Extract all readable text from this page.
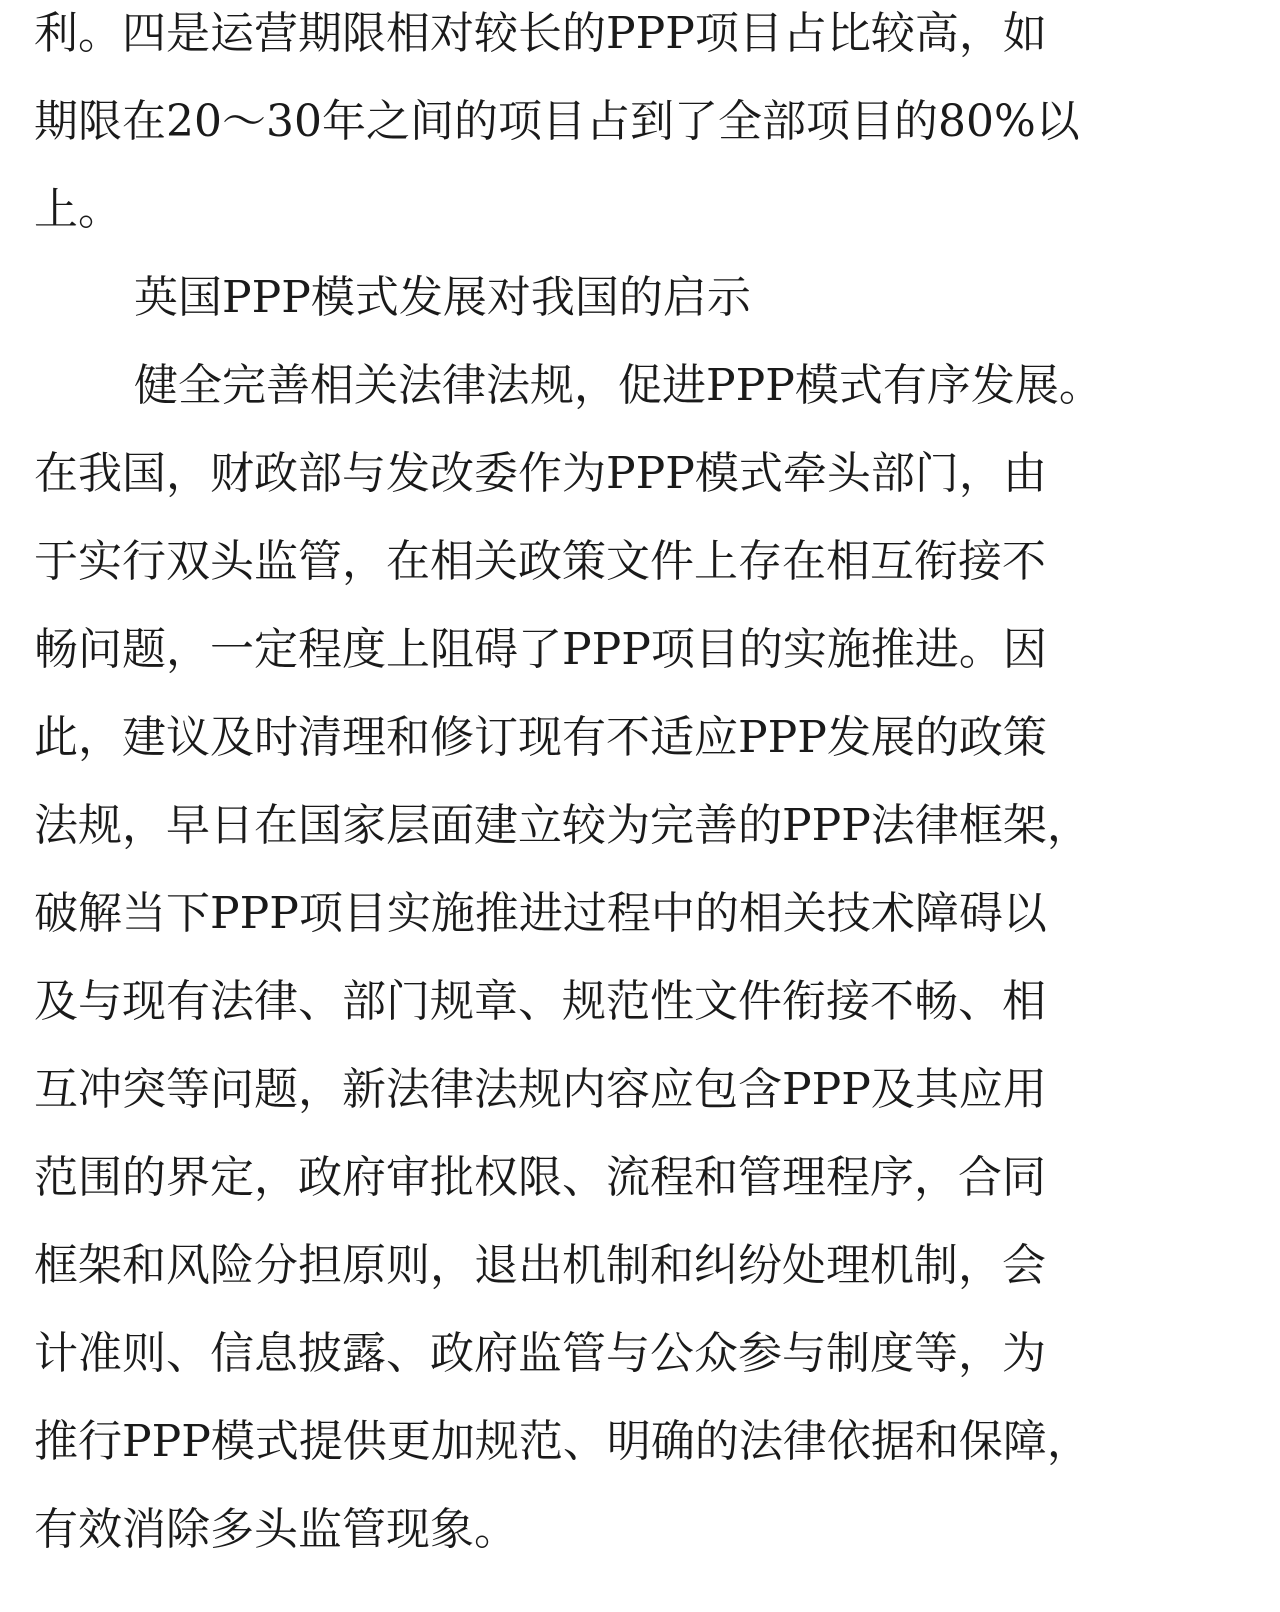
利。四是运营期限相对较长的PPP项目占比较高，如
期限在20～30年之间的项目占到了全部项目的80%以
上。
英国PPP模式发展对我国的启示
健全完善相关法律法规，促进PPP模式有序发展。
在我国，财政部与发改委作为PPP模式牵头部门，由
于实行双头监管，在相关政策文件上存在相互衔接不
畅问题，一定程度上阻碍了PPP项目的实施推进。因
此，建议及时清理和修订现有不适应PPP发展的政策
法规，早日在国家层面建立较为完善的PPP法律框架，
破解当下PPP项目实施推进过程中的相关技术障碍以
及与现有法律、部门规章、规范性文件衔接不畅、相
互冲突等问题，新法律法规内容应包含PPP及其应用
范围的界定，政府审批权限、流程和管理程序，合同
框架和风险分担原则，退出机制和纠纷处理机制，会
计准则、信息披露、政府监管与公众参与制度等，为
推行PPP模式提供更加规范、明确的法律依据和保障，
有效消除多头监管现象。
